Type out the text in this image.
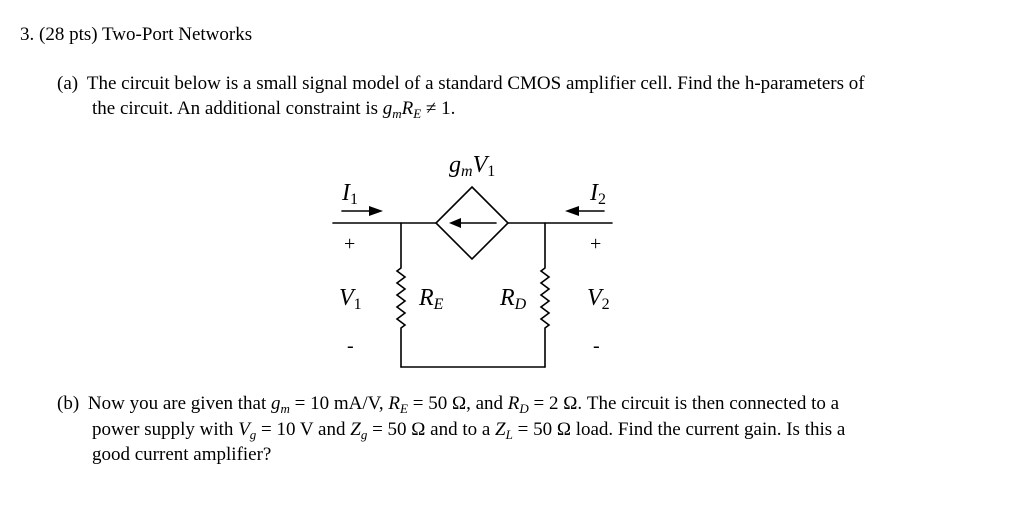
3. (28 pts) Two-Port Networks
(a) The circuit below is a small signal model of a standard CMOS amplifier cell. Find the h-parameters of
the circuit. An additional constraint is $g_mR_E \ne 1$.
gmV1
I1	I2
+	+
-	-
V1	V2
RE RD
(b) Now you are given that $g_m = 10$ mA/V, $R_E = 50$ Ω, and $R_D = 2$ Ω. The circuit is then connected to a
power supply with $V_g = 10$ V and $Z_g = 50$ Ω and to a $Z_L = 50$ Ω load. Find the current gain. Is this a
good current amplifier?
